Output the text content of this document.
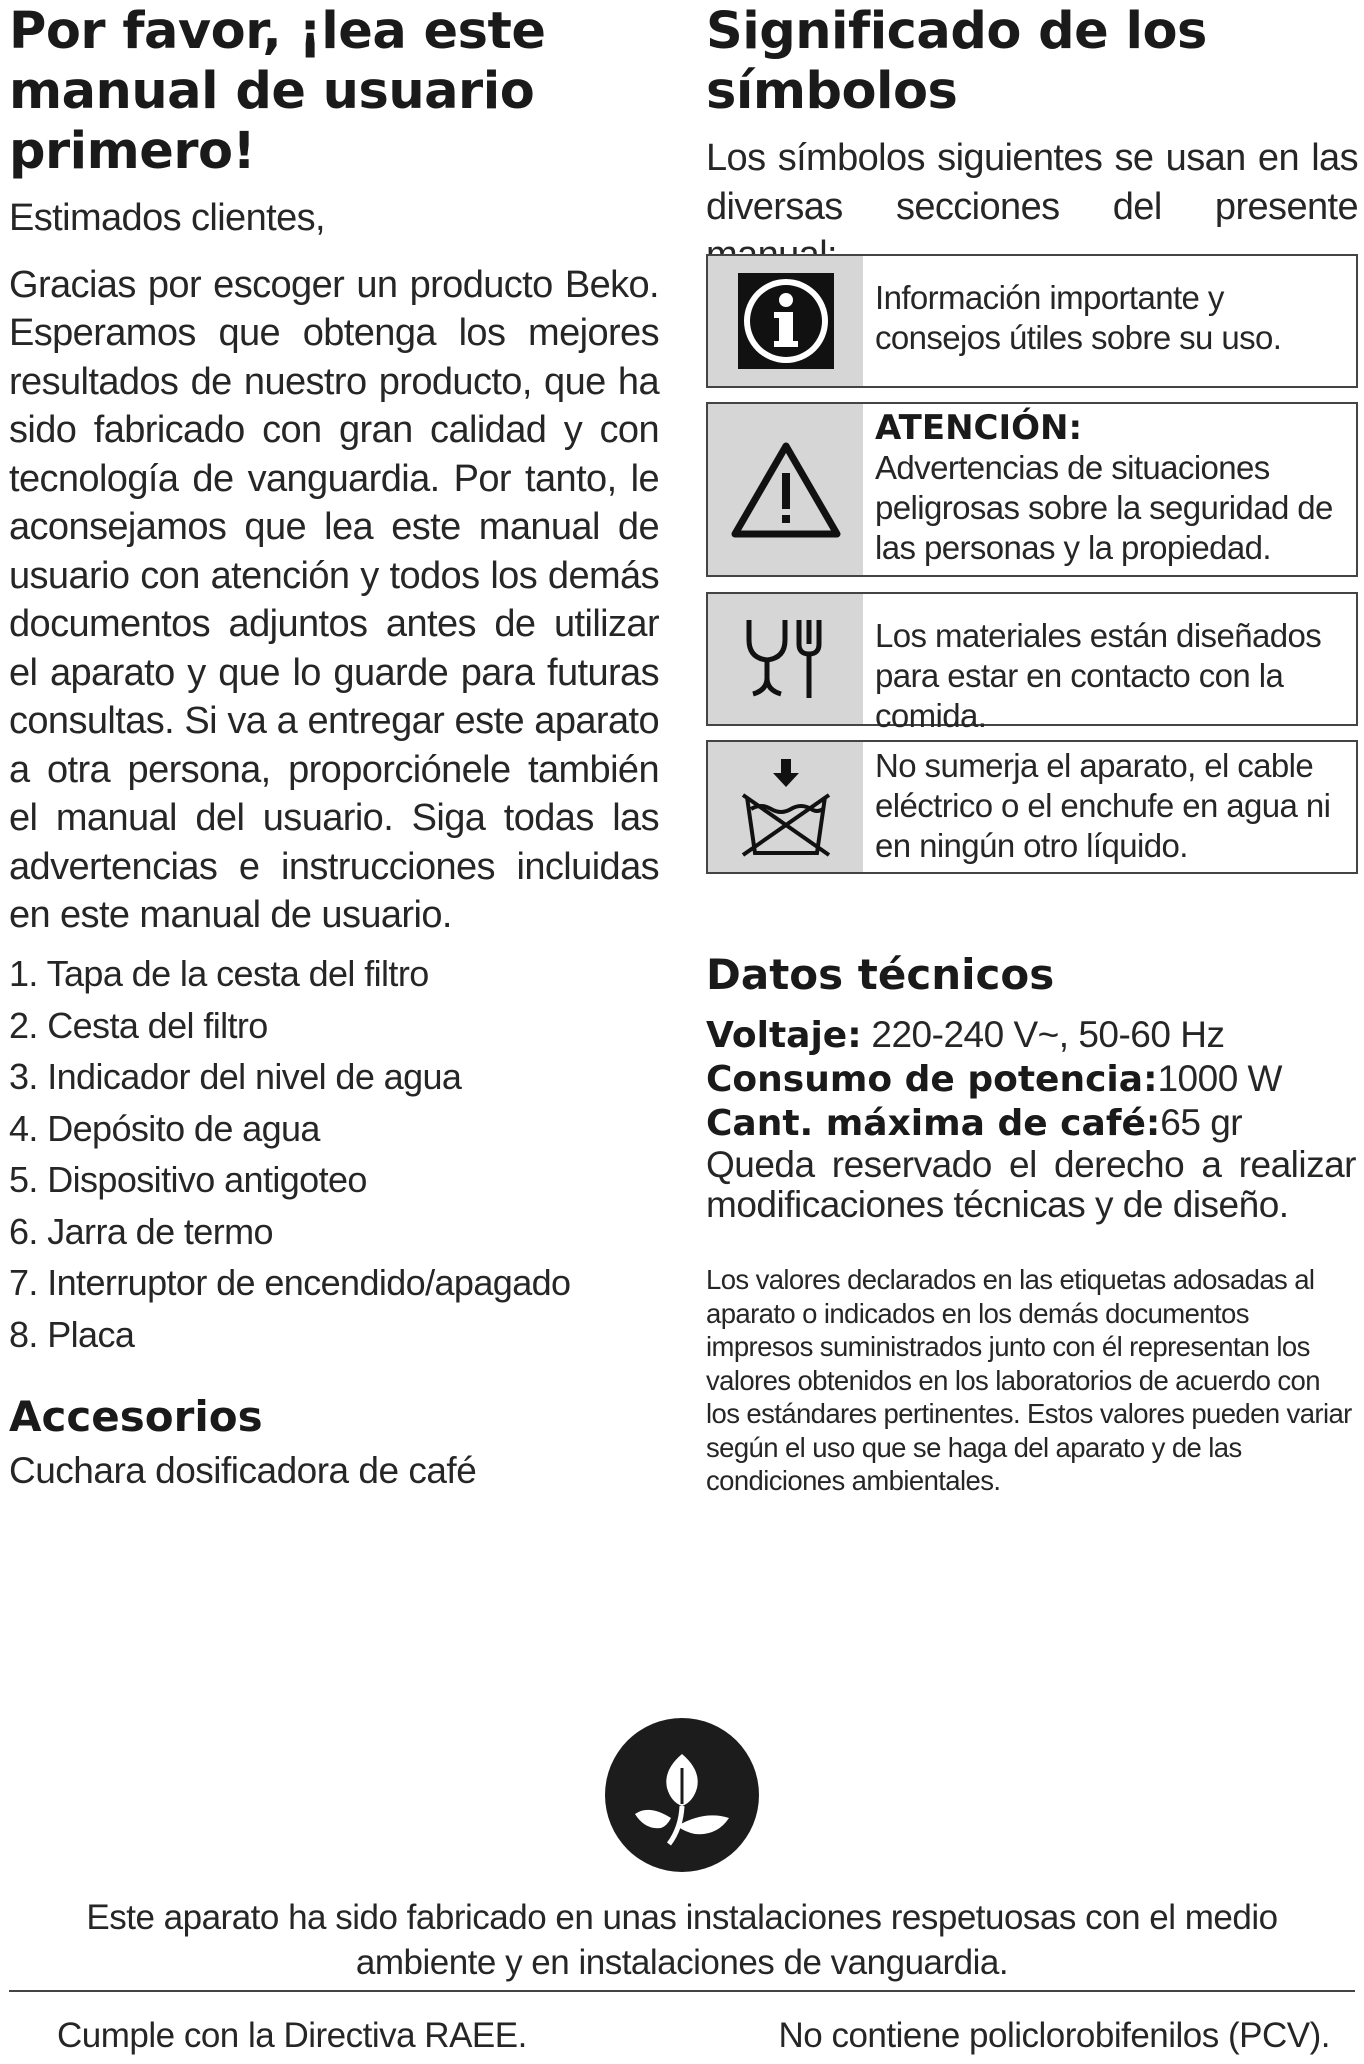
Por favor, ¡lea este manual de usuario primero!

Estimados clientes,

Gracias por escoger un producto Beko. Esperamos que obtenga los mejores resultados de nuestro producto, que ha sido fabricado con gran calidad y con tecnología de vanguardia. Por tanto, le aconsejamos que lea este manual de usuario con atención y todos los demás documentos adjuntos antes de utilizar el aparato y que lo guarde para futuras consultas. Si va a entregar este aparato a otra persona, proporciónele también el manual del usuario. Siga todas las advertencias e instrucciones incluidas en este manual de usuario.

Significado de los símbolos

Los símbolos siguientes se usan en las diversas secciones del presente

Información importante y consejos útiles sobre su uso.
ATENCIÓN:
Advertencias de situaciones peligrosas sobre la seguridad de las personas y la propiedad.
Los materiales están diseñados para estar en contacto con la comida.
No sumerja el aparato, el cable eléctrico o el enchufe en agua ni en ningún otro líquido.
1. Tapa de la cesta del filtro
2. Cesta del filtro
3. Indicador del nivel de agua
4. Depósito de agua
5. Dispositivo antigoteo
6. Jarra de termo
7. Interruptor de encendido/apagado
8. Placa
Accesorios
Cuchara dosificadora de café
Datos técnicos
Voltaje: 220-240 V~, 50-60 Hz
Consumo de potencia:1000 W
Cant. máxima de café:65 gr

Queda reservado el derecho a realizar modificaciones técnicas y de diseño.

Los valores declarados en las etiquetas adosadas al aparato o indicados en los demás documentos impresos suministrados junto con él representan los valores obtenidos en los laboratorios de acuerdo con los estándares pertinentes. Estos valores pueden variar según el uso que se haga del aparato y de las condiciones ambientales.

Este aparato ha sido fabricado en unas instalaciones respetuosas con el medio ambiente y en instalaciones de vanguardia.
Cumple con la Directiva RAEE.	No contiene policlorobifenilos (PCV).
